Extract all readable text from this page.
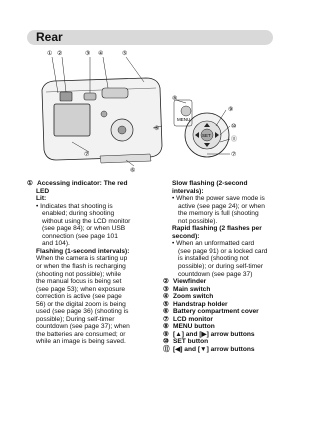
Rear
① ②	③ ④	⑤
⑥
⑦
⑥
SET
MENU
⑧
⑨
⑩
⑪
⑦

① Accessing indicator: The red

LED

Lit:

• Indicates that shooting is

enabled; during shooting

without using the LCD monitor

(see page 84); or when USB

connection (see page 101

and 104).

Flashing (1-second intervals):

When the camera is starting up

or when the flash is recharging

(shooting not possible); while

the manual focus is being set

(see page 53); when exposure

correction is active (see page

56) or the digital zoom is being

used (see page 36) (shooting is

possible); During self-timer

countdown (see page 37); when

the batteries are consumed; or

while an image is being saved.

Slow flashing (2-second

intervals):

• When the power save mode is

active (see page 24); or when

the memory is full (shooting

not possible).

Rapid flashing (2 flashes per

second):

• When an unformatted card

(see page 91) or a locked card

is installed (shooting not

possible); or during self-timer

countdown (see page 37)

② Viewfinder

③ Main switch

④ Zoom switch

⑤ Handstrap holder

⑥ Battery compartment cover

⑦ LCD monitor

⑧ MENU button

⑨ [▲] and [▶] arrow buttons

⑩ SET button

⑪ [◀] and [▼] arrow buttons
